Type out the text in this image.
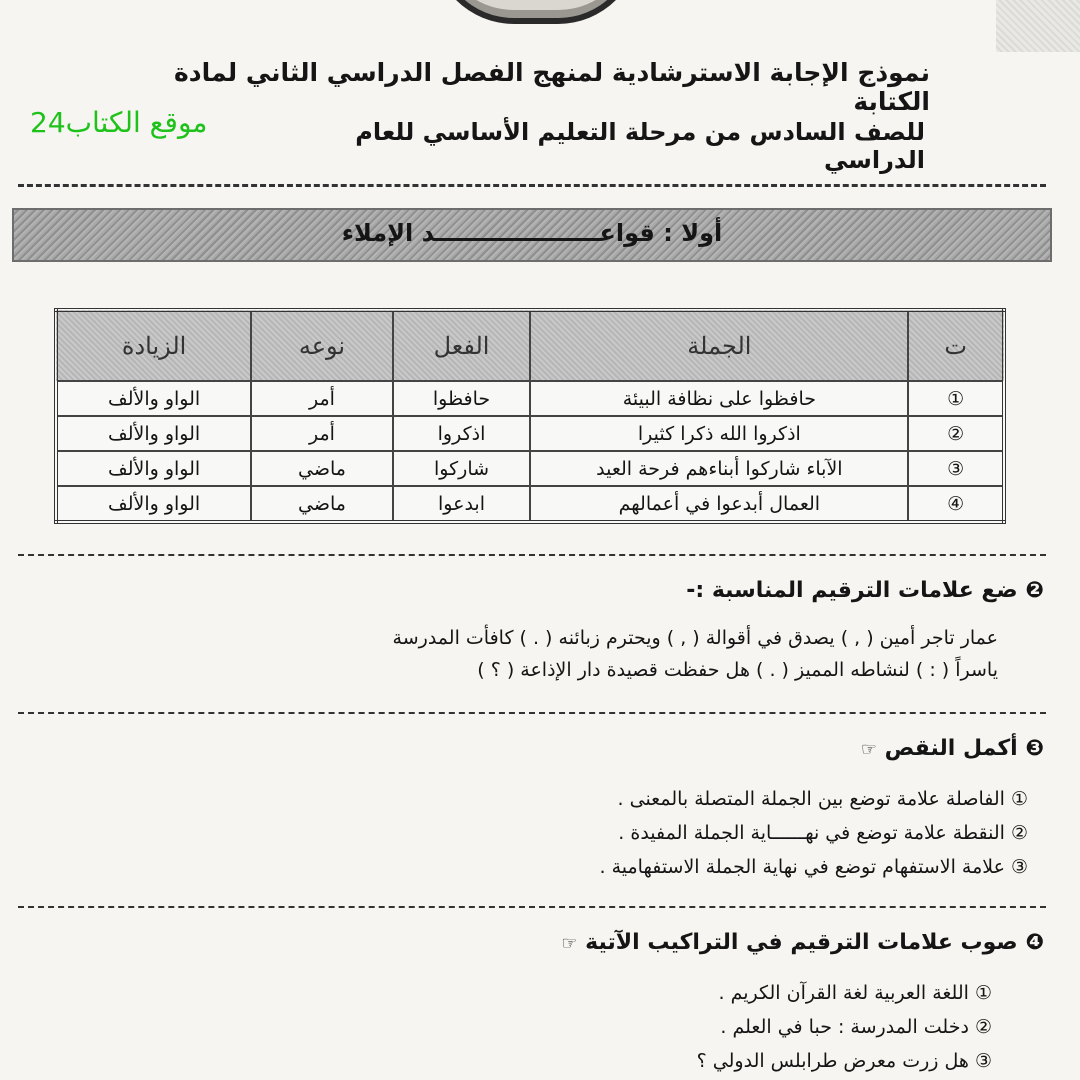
نموذج الإجابة الاسترشادية لمنهج الفصل الدراسي الثاني لمادة الكتابة
للصف السادس من مرحلة التعليم الأساسي للعام الدراسي
موقع الكتاب24
أولا : قواعــــــــــــــــــــد الإملاء
ت	الجملة	الفعل	نوعه	الزيادة
①	حافظوا على نظافة البيئة	حافظوا	أمر	الواو والألف
②	اذكروا الله ذكرا كثيرا	اذكروا	أمر	الواو والألف
③	الآباء شاركوا أبناءهم فرحة العيد	شاركوا	ماضي	الواو والألف
④	العمال أبدعوا في أعمالهم	ابدعوا	ماضي	الواو والألف
❷ ضع علامات الترقيم المناسبة :-
عمار تاجر أمين ( , ) يصدق في أقوالة ( , ) ويحترم زبائنه ( . ) كافأت المدرسة
ياسراً ( : ) لنشاطه المميز ( . ) هل حفظت قصيدة دار الإذاعة ( ؟ )
❸ أكمل النقص ☞
① الفاصلة علامة توضع بين الجملة المتصلة بالمعنى .
② النقطة علامة توضع في نهــــــاية الجملة المفيدة .
③ علامة الاستفهام توضع في نهاية الجملة الاستفهامية .
❹ صوب علامات الترقيم في التراكيب الآتية ☞
① اللغة العربية لغة القرآن الكريم .
② دخلت المدرسة : حبا في العلم .
③ هل زرت معرض طرابلس الدولي ؟
